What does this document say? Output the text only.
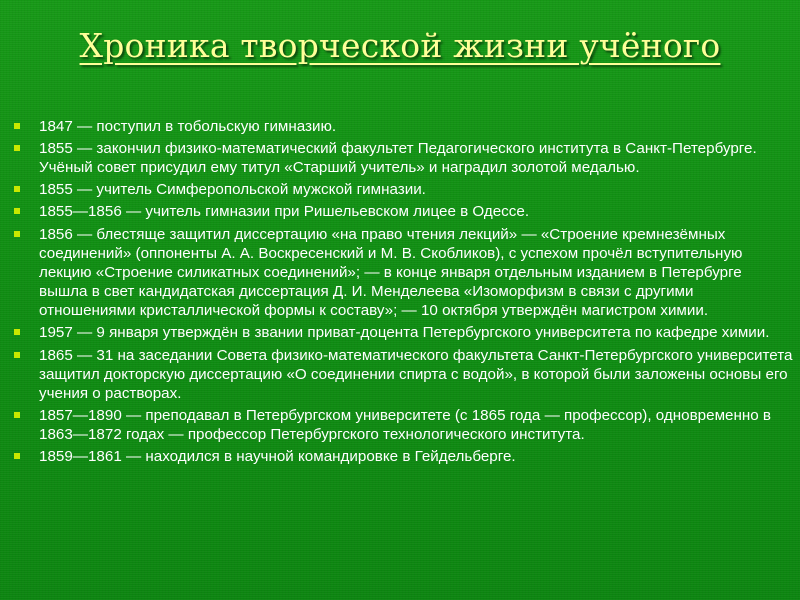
Хроника творческой жизни учёного
1847 — поступил в тобольскую гимназию.
1855 — закончил физико-математический факультет Педагогического института в Санкт-Петербурге. Учёный совет присудил ему титул «Старший учитель» и наградил золотой медалью.
1855 — учитель Симферопольской мужской гимназии.
1855—1856 — учитель гимназии при Ришельевском лицее в Одессе.
1856 — блестяще защитил диссертацию «на право чтения лекций» — «Строение кремнезёмных соединений» (оппоненты А. А. Воскресенский и М. В. Скобликов), с успехом прочёл вступительную лекцию «Строение силикатных соединений»; — в конце января отдельным изданием в Петербурге вышла в свет кандидатская диссертация Д. И. Менделеева «Изоморфизм в связи с другими отношениями кристаллической формы к составу»; — 10 октября утверждён магистром химии.
1957 — 9 января утверждён в звании приват-доцента Петербургского университета по кафедре химии.
1865 — 31 на заседании Совета физико-математического факультета Санкт-Петербургского университета защитил докторскую диссертацию «О соединении спирта с водой», в которой были заложены основы его учения о растворах.
1857—1890 — преподавал в Петербургском университете (с 1865 года — профессор), одновременно в 1863—1872 годах — профессор Петербургского технологического института.
1859—1861 — находился в научной командировке в Гейдельберге.
